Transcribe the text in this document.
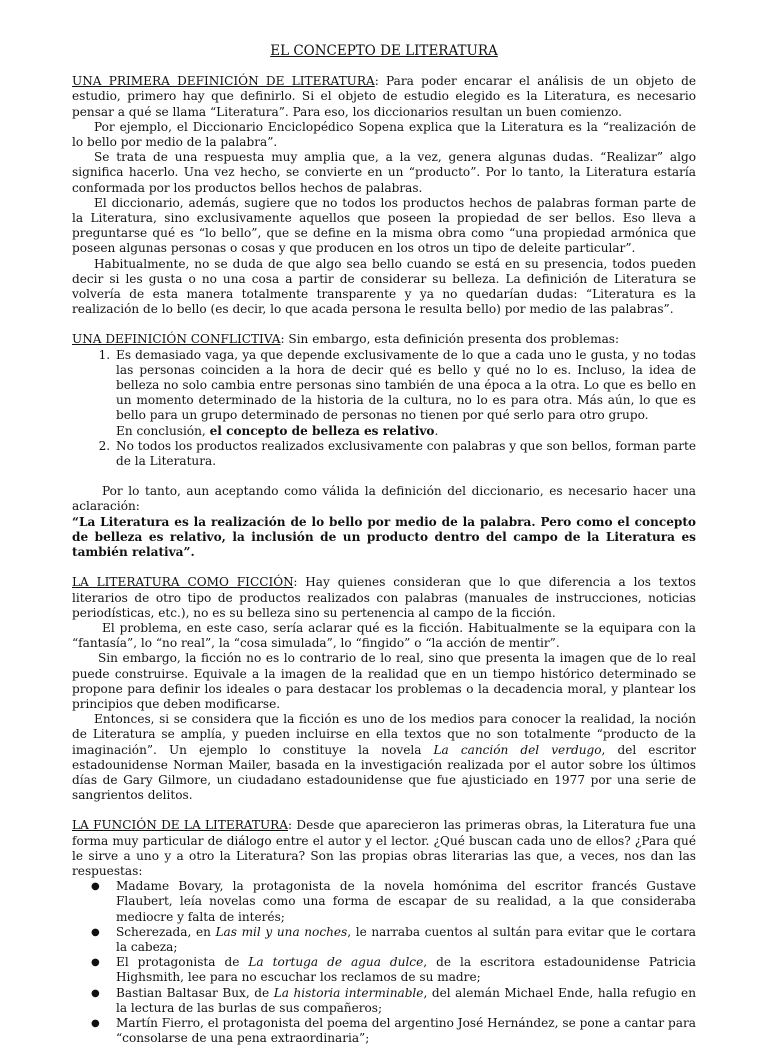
EL CONCEPTO DE LITERATURA

UNA PRIMERA DEFINICIÓN DE LITERATURA: Para poder encarar el análisis de un objeto de estudio, primero hay que definirlo. Si el objeto de estudio elegido es la Literatura, es necesario pensar a qué se llama “Literatura”. Para eso, los diccionarios resultan un buen comienzo.

Por ejemplo, el Diccionario Enciclopédico Sopena explica que la Literatura es la “realización de lo bello por medio de la palabra”.

Se trata de una respuesta muy amplia que, a la vez, genera algunas dudas. “Realizar” algo significa hacerlo. Una vez hecho, se convierte en un “producto”. Por lo tanto, la Literatura estaría conformada por los productos bellos hechos de palabras.

El diccionario, además, sugiere que no todos los productos hechos de palabras forman parte de la Literatura, sino exclusivamente aquellos que poseen la propiedad de ser bellos. Eso lleva a preguntarse qué es “lo bello”, que se define en la misma obra como “una propiedad armónica que poseen algunas personas o cosas y que producen en los otros un tipo de deleite particular”.

Habitualmente, no se duda de que algo sea bello cuando se está en su presencia, todos pueden decir si les gusta o no una cosa a partir de considerar su belleza. La definición de Literatura se volvería de esta manera totalmente transparente y ya no quedarían dudas: “Literatura es la realización de lo bello (es decir, lo que acada persona le resulta bello) por medio de las palabras”.

UNA DEFINICIÓN CONFLICTIVA: Sin embargo, esta definición presenta dos problemas:

1. Es demasiado vaga, ya que depende exclusivamente de lo que a cada uno le gusta, y no todas las personas coinciden a la hora de decir qué es bello y qué no lo es. Incluso, la idea de belleza no solo cambia entre personas sino también de una época a la otra. Lo que es bello en un momento determinado de la historia de la cultura, no lo es para otra. Más aún, lo que es bello para un grupo determinado de personas no tienen por qué serlo para otro grupo.
En conclusión, el concepto de belleza es relativo.
2. No todos los productos realizados exclusivamente con palabras y que son bellos, forman parte de la Literatura.

Por lo tanto, aun aceptando como válida la definición del diccionario, es necesario hacer una aclaración:

“La Literatura es la realización de lo bello por medio de la palabra. Pero como el concepto de belleza es relativo, la inclusión de un producto dentro del campo de la Literatura es también relativa”.

LA LITERATURA COMO FICCIÓN: Hay quienes consideran que lo que diferencia a los textos literarios de otro tipo de productos realizados con palabras (manuales de instrucciones, noticias periodísticas, etc.), no es su belleza sino su pertenencia al campo de la ficción.

El problema, en este caso, sería aclarar qué es la ficción. Habitualmente se la equipara con la “fantasía”, lo “no real”, la “cosa simulada”, lo “fingido” o “la acción de mentir”.

Sin embargo, la ficción no es lo contrario de lo real, sino que presenta la imagen que de lo real puede construirse. Equivale a la imagen de la realidad que en un tiempo histórico determinado se propone para definir los ideales o para destacar los problemas o la decadencia moral, y plantear los principios que deben modificarse.

Entonces, si se considera que la ficción es uno de los medios para conocer la realidad, la noción de Literatura se amplía, y pueden incluirse en ella textos que no son totalmente “producto de la imaginación”. Un ejemplo lo constituye la novela La canción del verdugo, del escritor estadounidense Norman Mailer, basada en la investigación realizada por el autor sobre los últimos días de Gary Gilmore, un ciudadano estadounidense que fue ajusticiado en 1977 por una serie de sangrientos delitos.

LA FUNCIÓN DE LA LITERATURA: Desde que aparecieron las primeras obras, la Literatura fue una forma muy particular de diálogo entre el autor y el lector. ¿Qué buscan cada uno de ellos? ¿Para qué le sirve a uno y a otro la Literatura? Son las propias obras literarias las que, a veces, nos dan las respuestas:

● Madame Bovary, la protagonista de la novela homónima del escritor francés Gustave Flaubert, leía novelas como una forma de escapar de su realidad, a la que consideraba mediocre y falta de interés;
● Scherezada, en Las mil y una noches, le narraba cuentos al sultán para evitar que le cortara la cabeza;
● El protagonista de La tortuga de agua dulce, de la escritora estadounidense Patricia Highsmith, lee para no escuchar los reclamos de su madre;
● Bastian Baltasar Bux, de La historia interminable, del alemán Michael Ende, halla refugio en la lectura de las burlas de sus compañeros;
● Martín Fierro, el protagonista del poema del argentino José Hernández, se pone a cantar para “consolarse de una pena extraordinaria”;
